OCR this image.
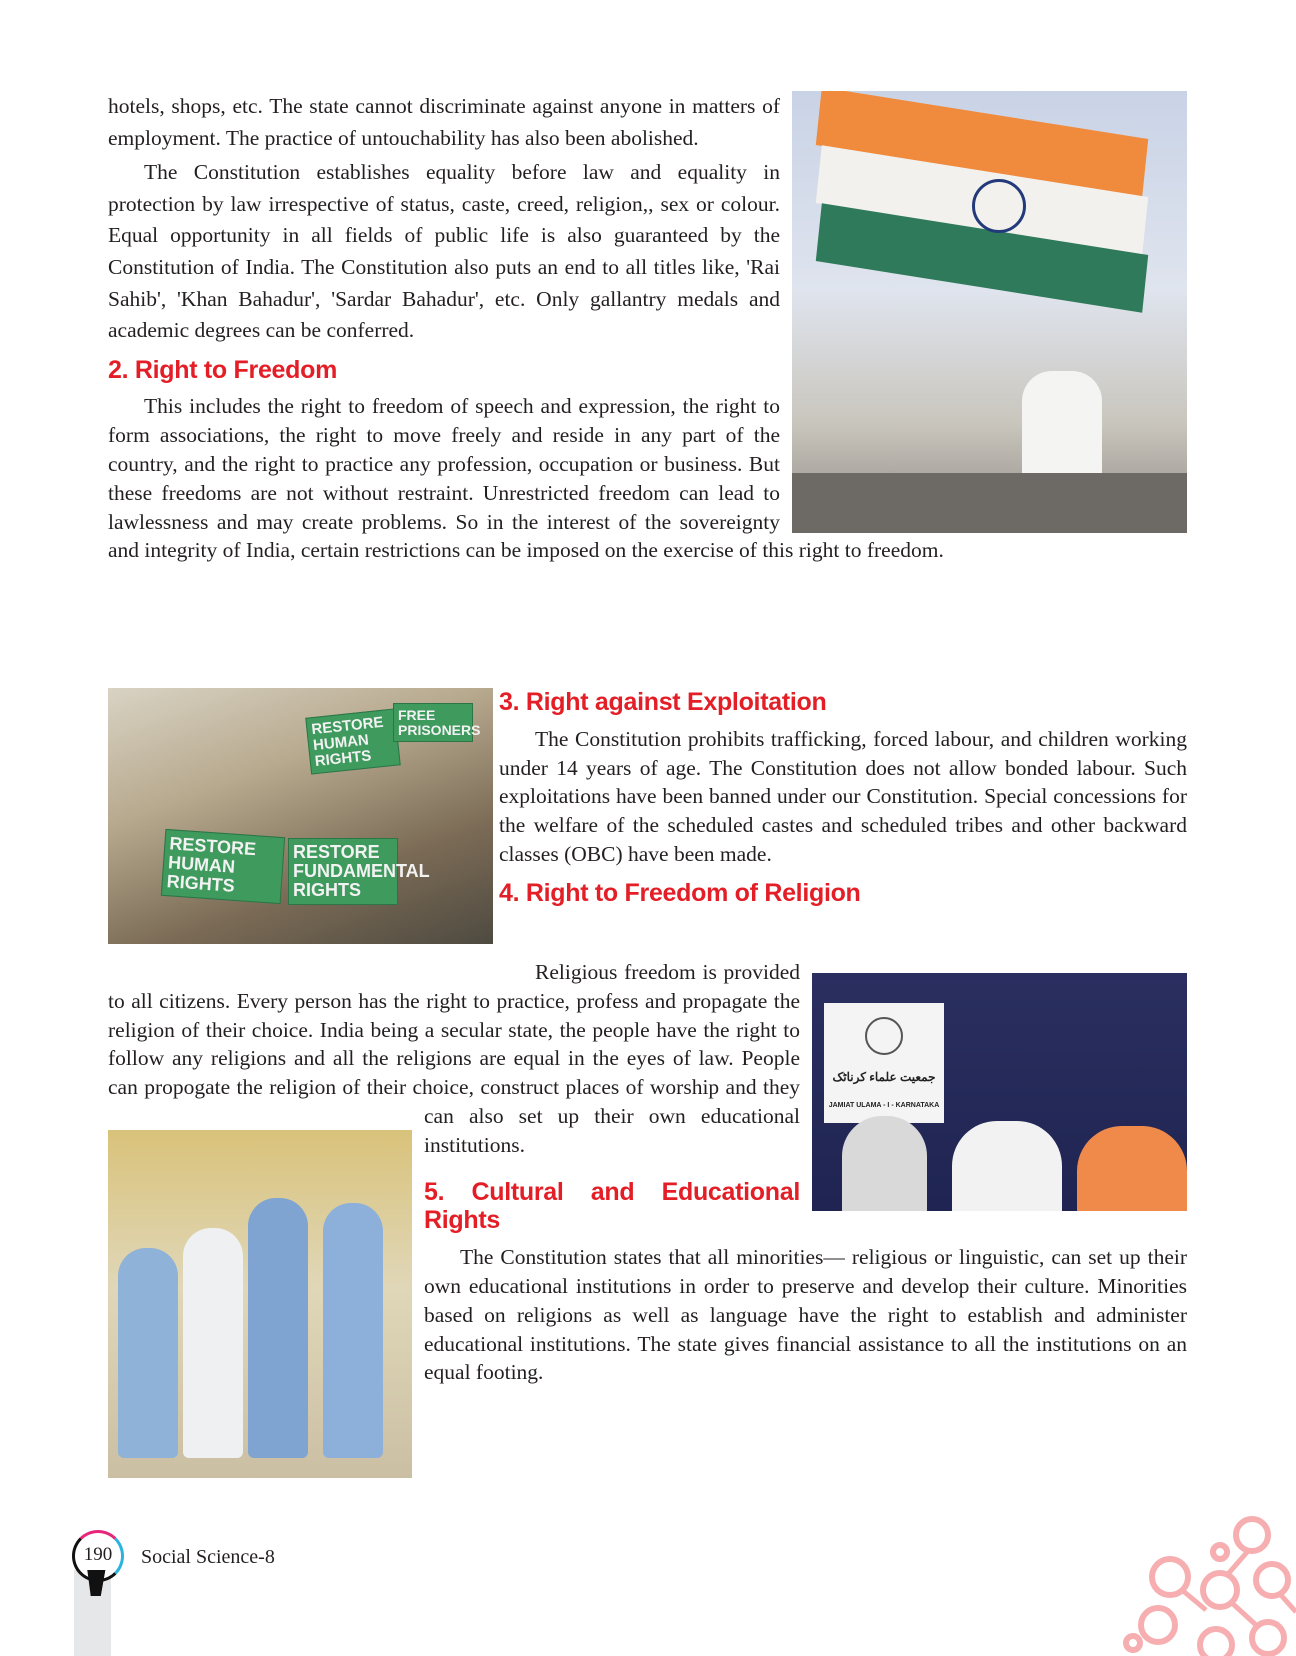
hotels, shops, etc. The state cannot discriminate against anyone in matters of employment. The practice of untouchability has also been abolished.

The Constitution establishes equality before law and equality in protection by law irrespective of status, caste, creed, religion,, sex or colour. Equal opportunity in all fields of public life is also guaranteed by the Constitution of India. The Constitution also puts an end to all titles like, 'Rai Sahib', 'Khan Bahadur', 'Sardar Bahadur', etc. Only gallantry medals and academic degrees can be conferred.

2. Right to Freedom

This includes the right to freedom of speech and expression, the right to form associations, the right to move freely and reside in any part of the country, and the right to practice any profession, occupation or business. But these freedoms are not without restraint. Unrestricted freedom can lead to lawlessness and may create problems. So in the interest of the sovereignty and integrity of India, certain restrictions can be imposed on the exercise of this right to freedom.

RESTORE HUMAN RIGHTS
RESTORE FUNDAMENTAL RIGHTS
RESTORE HUMAN RIGHTS
FREE PRISONERS
3. Right against Exploitation

The Constitution prohibits trafficking, forced labour, and children working under 14 years of age. The Constitution does not allow bonded labour. Such exploitations have been banned under our Constitution. Special concessions for the welfare of the scheduled castes and scheduled tribes and other backward classes (OBC) have been made.

4. Right to Freedom of Religion
جمعیت علماء کرناٹک
JAMIAT ULAMA - I - KARNATAKA

Religious freedom is provided to all citizens. Every person has the right to practice, profess and propagate the religion of their choice. India being a secular state, the people have the right to follow any religions and all the religions are equal in the eyes of law. People can propogate the religion of their choice, construct places of worship and they can also set up their own educational institutions.

5. Cultural and Educational Rights

The Constitution states that all minorities— religious or linguistic, can set up their own educational institutions in order to preserve and develop their culture. Minorities based on religions as well as language have the right to establish and administer educational institutions. The state gives financial assistance to all the institutions on an equal footing.

190	Social Science-8
